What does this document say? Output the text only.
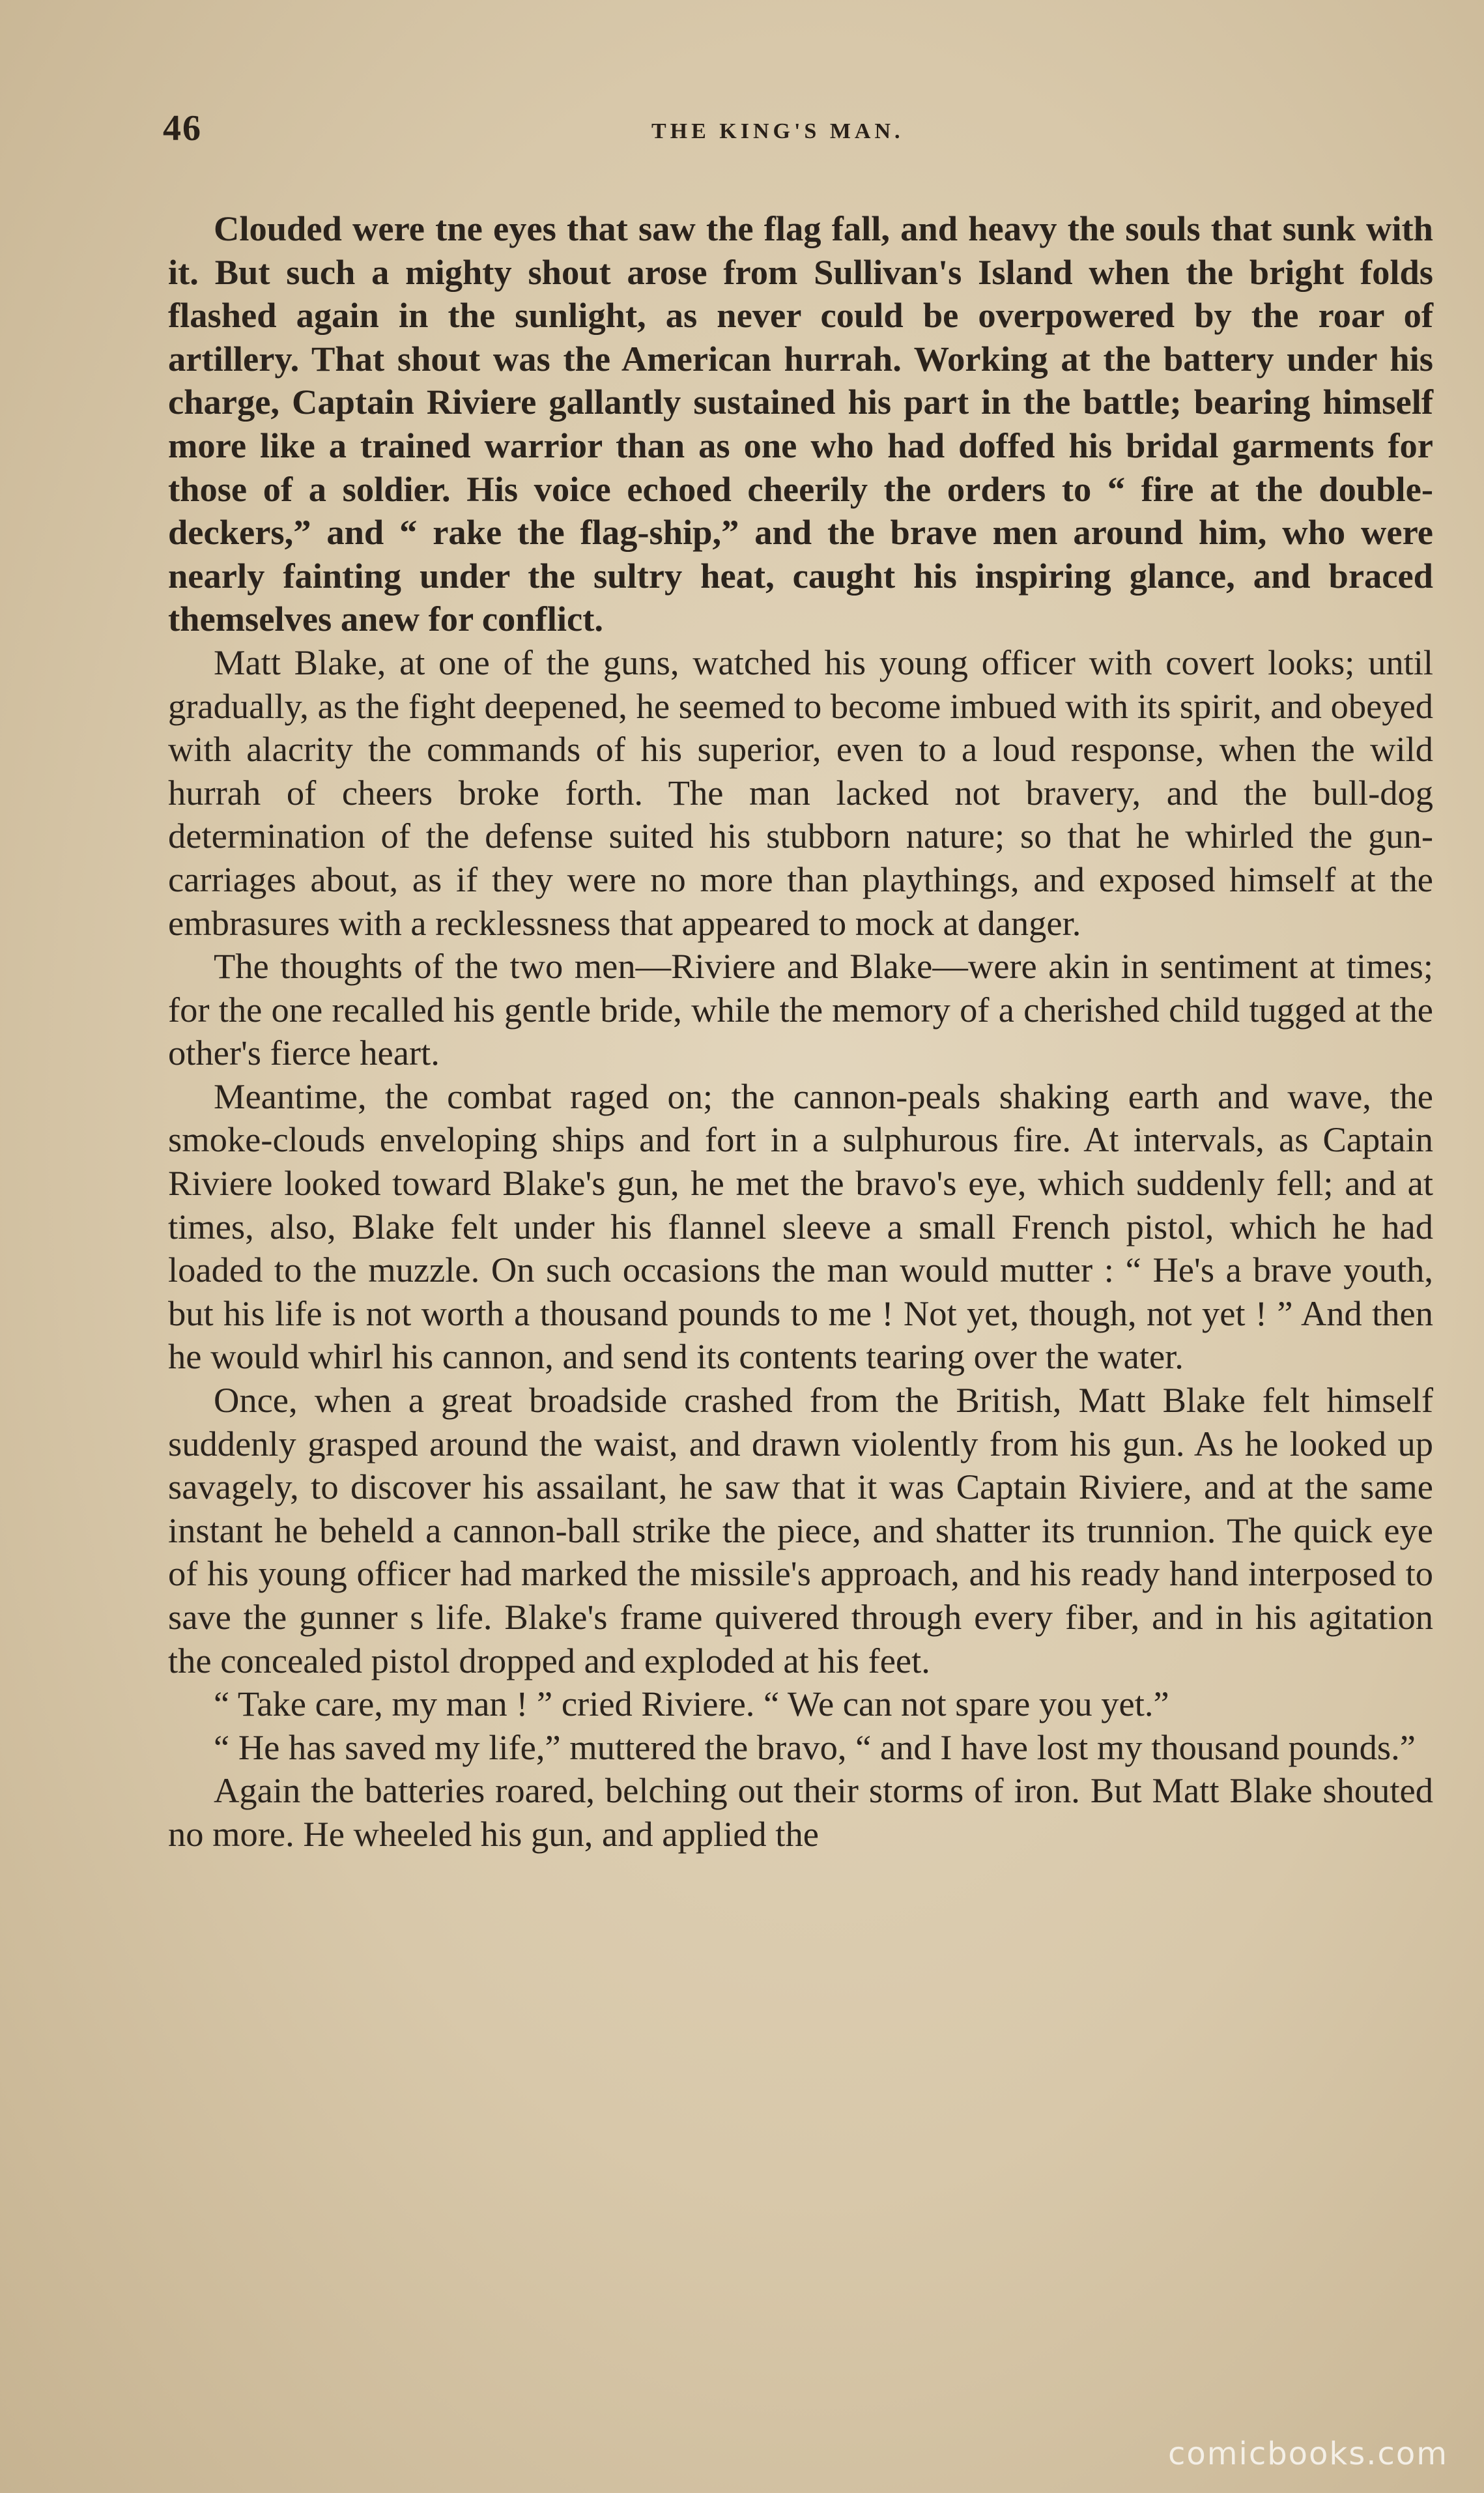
46	THE KING'S MAN.

Clouded were tne eyes that saw the flag fall, and heavy the souls that sunk with it. But such a mighty shout arose from Sullivan's Island when the bright folds flashed again in the sunlight, as never could be overpowered by the roar of artillery. That shout was the American hurrah. Working at the battery under his charge, Captain Riviere gallantly sustained his part in the battle; bearing himself more like a trained warrior than as one who had doffed his bridal garments for those of a soldier. His voice echoed cheerily the orders to “ fire at the double-deckers,” and “ rake the flag-ship,” and the brave men around him, who were nearly fainting under the sultry heat, caught his inspiring glance, and braced themselves anew for conflict.

Matt Blake, at one of the guns, watched his young officer with covert looks; until gradually, as the fight deepened, he seemed to become imbued with its spirit, and obeyed with alacrity the commands of his superior, even to a loud response, when the wild hurrah of cheers broke forth. The man lacked not bravery, and the bull-dog determination of the defense suited his stubborn nature; so that he whirled the gun-carriages about, as if they were no more than playthings, and exposed himself at the embrasures with a recklessness that appeared to mock at danger.

The thoughts of the two men—Riviere and Blake—were akin in sentiment at times; for the one recalled his gentle bride, while the memory of a cherished child tugged at the other's fierce heart.

Meantime, the combat raged on; the cannon-peals shaking earth and wave, the smoke-clouds enveloping ships and fort in a sulphurous fire. At intervals, as Captain Riviere looked toward Blake's gun, he met the bravo's eye, which suddenly fell; and at times, also, Blake felt under his flannel sleeve a small French pistol, which he had loaded to the muzzle. On such occasions the man would mutter : “ He's a brave youth, but his life is not worth a thousand pounds to me ! Not yet, though, not yet ! ” And then he would whirl his cannon, and send its contents tearing over the water.

Once, when a great broadside crashed from the British, Matt Blake felt himself suddenly grasped around the waist, and drawn violently from his gun. As he looked up savagely, to discover his assailant, he saw that it was Captain Riviere, and at the same instant he beheld a cannon-ball strike the piece, and shatter its trunnion. The quick eye of his young officer had marked the missile's approach, and his ready hand interposed to save the gunner s life. Blake's frame quivered through every fiber, and in his agitation the concealed pistol dropped and exploded at his feet.

“ Take care, my man ! ” cried Riviere. “ We can not spare you yet.”

“ He has saved my life,” muttered the bravo, “ and I have lost my thousand pounds.”

Again the batteries roared, belching out their storms of iron. But Matt Blake shouted no more. He wheeled his gun, and applied the

comicbooks.com
